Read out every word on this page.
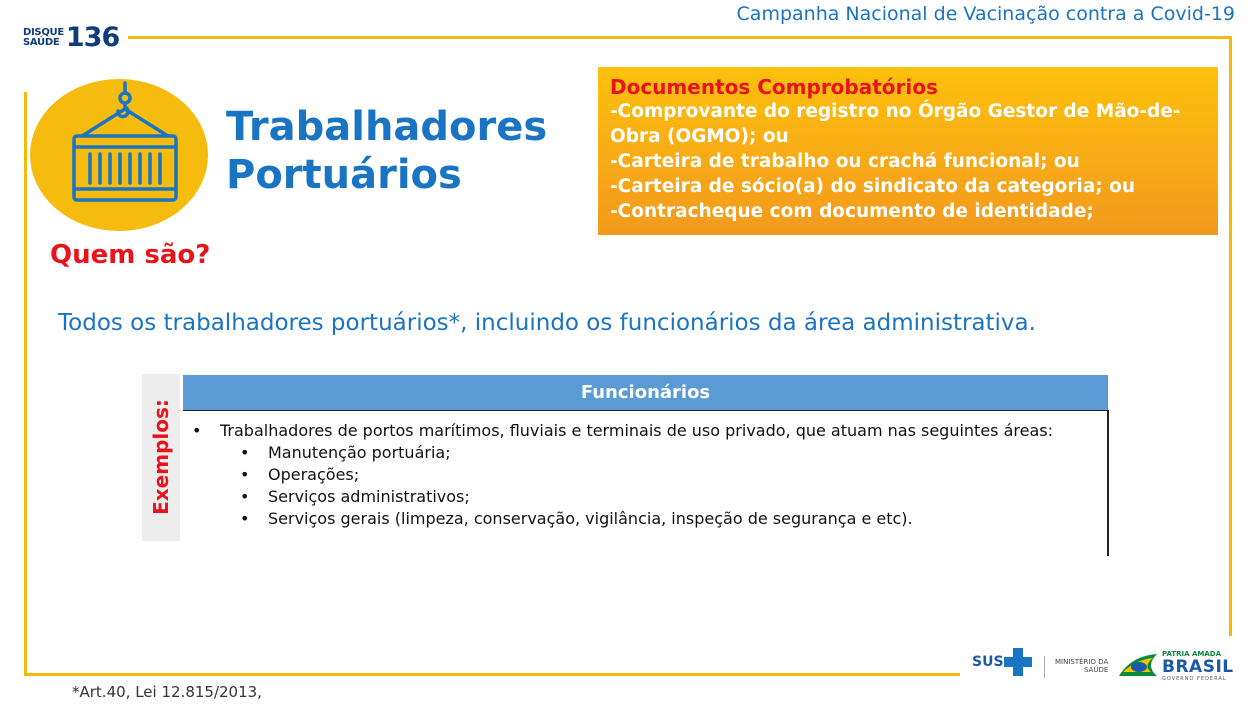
Campanha Nacional de Vacinação contra a Covid-19
DISQUE
SAÚDE 136
Trabalhadores
Portuários
Quem são?
Documentos Comprobatórios
-Comprovante do registro no Órgão Gestor de Mão-de-
Obra (OGMO); ou
-Carteira de trabalho ou crachá funcional; ou
-Carteira de sócio(a) do sindicato da categoria; ou
-Contracheque com documento de identidade;
Todos os trabalhadores portuários*, incluindo os funcionários da área administrativa.
Exemplos:
Funcionários
•	Trabalhadores de portos marítimos, fluviais e terminais de uso privado, que atuam nas seguintes áreas:
•	Manutenção portuária;
•	Operações;
•	Serviços administrativos;
•	Serviços gerais (limpeza, conservação, vigilância, inspeção de segurança e etc).
*Art.40, Lei 12.815/2013,
SUS	MINISTÉRIO DA
SAÚDE
PÁTRIA AMADA
BRASIL
GOVERNO FEDERAL
